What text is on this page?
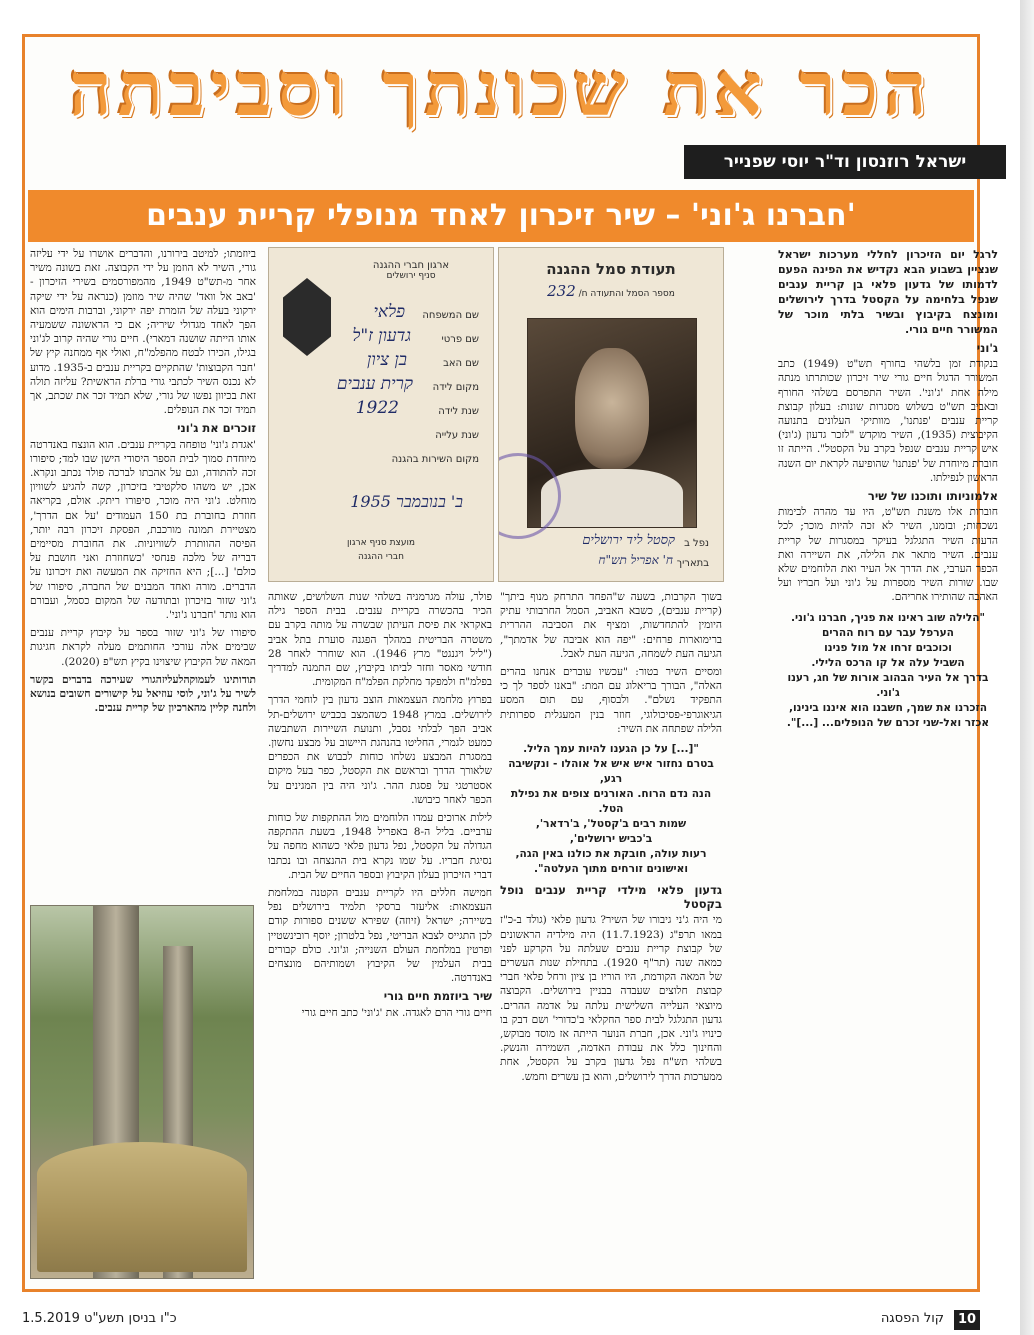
הכר את שכונתך וסביבתה
ישראל רוזנסון וד"ר יוסי שפנייר
'חברנו ג'וני' – שיר זיכרון לאחד מנופלי קריית ענבים

לרגל יום הזיכרון לחללי מערכות ישראל שנציין בשבוע הבא נקדיש את הפינה הפעם לדמותו של גדעון פלאי בן קריית ענבים שנפל בלחימה על הקסטל בדרך לירושלים ומונצח בקיבוץ ובשיר בלתי מוכר של המשורר חיים גורי.

ג'וני

בנקודת זמן בלשהי בחורף תש"ט (1949) כתב המשורר הדגול חיים גורי שיר זיכרון שכותרתו מנתה מילה אחת 'ג'וני'. השיר התפרסם בשלהי החורף ובאביב תש"ט בשלוש מסגרות שונות: בעלון קבוצת קריית ענבים 'פנתנו', מוותיקי העלונים בתנועה הקיבוצית (1935), השיר מוקדש "לזכר גדעון (ג'וני) איש קריית ענבים שנפל בקרב על הקסטל". הייתה זו חוברת מיוחדת של 'פנתנו' שהופיעה לקראת יום השנה הראשון לנפילתו.

אלמוניותו ותוכנו של שיר

חוברות אלו משנת תש"ט, היו עד מהרה לבימות נשכחות; ובזמנו, השיר לא זכה להיות מוכר; לכל הדעות השיר התגלגל בעיקר במסגרות של קריית ענבים. השיר מתאר את הלילה, את השיירה ואת הכפר הערבי, את הדרך אל העיר ואת הלוחמים שלא שבו. שורות השיר מספרות על ג'וני ועל חבריו ועל האהבה שהותירו אחריהם.

"הלילה שוב ראינו את פניך, חברנו ג'וני.
הערפל עבר עם רוח ההרים
וכוכבים זרחו אל מול פנינו
השביל עלה אל קו הרכס הלילי.
בדרך אל העיר הבהוב אורות של חג, רענו ג'וני.
הזכרנו את שמך, חשבנו הוא איננו בינינו,
אכזר ואל-שני זכרם של הנופלים... [...]".
תעודת סמל ההגנה
מספר הסמל והתעודה ח/ 232
נפל ב
בתאריך
קסטל ליד ירושלים
ח' אפריל תש"ח
ארגון חברי ההגנה
סניף ירושלים
שם המשפחה
שם פרטי
שם האב
מקום לידה
שנת לידה
שנת עלייה
מקום השירות בהגנה
פלאי
גדעון ז"ל
בן ציון
קרית ענבים
1922
ב' בנובמבר 1955
מועצת סניף ארגון
חברי ההגנה

בשוך הקרבות, בשעה ש"הפחד התרחק מנוף ביתך" (קריית ענבים), כשבא האביב, הסמל החרבותי עתיק היומין להתחדשות, ומציף את הסביבה ההררית ברימוארות פרחים: "יפה הוא אביבה של אדמתך", הגיעה העת לשמחה, הגיעה העת לאבל.

ומסיים השיר בטור: "עכשיו עוברים אנחנו בהרים האלה", הבורך בריאלוג עם המת: "באנו לספר לך כי התפקיד נשלם". ולבסוף, עם תום המסע הגיאוגרפי-פסיכולוגי, חוזר בנין המעגלית ספרותית הלילה שפתחה את השיר:

"[...] על כן הגענו להיות עמך הליל.
בטרם נחזור איש איש אל אוהלו - ונקשיבה רגע,
הנה נדם הרוח. האורנים צופים את נפילת הטל.
שמות רבים ב'קסטל', ב'רדאר',
ב'כביש ירושלים',
רעות עולה, חובקת את כולנו באין הגה,
ואישונים זורחים מתוך העלטה".
גדעון פלאי מילדי קריית ענבים נופל בקסטל

מי היה ג'ני גיבורו של השיר? גדעון פלאי (גולד ב-כ"ז במאו תרפ"ג (11.7.1923) היה מילדיה הראשונים של קבוצת קריית ענבים שעלתה על הקרקע לפני כמאה שנה (תר"ף 1920). בתחילת שנות העשרים של המאה הקודמת, היו הוריו בן ציון ורחל פלאי חברי קבוצת חלוצים שעבדה בבניין בירושלים. הקבוצה מיוצאי העלייה השלישית עלתה על אדמה ההרים. גדעון התגלגל לבית ספר החקלאי ב'כדורי' ושם דבק בו כינויו ג'וני. אכן, חברת הנוער הייתה אז מוסד מבוקש, והחינוך כלל את עבודת האדמה, השמירה והנשק. בשלהי תש"ח נפל גדעון בקרב על הקסטל, אחת ממערכות הדרך לירושלים, והוא בן עשרים וחמש.

פולר, עולה מגרמניה בשלהי שנות השלושים, שאותה הכיר בהכשרה בקריית ענבים. בבית הספר גילה באקראי את פיסת העיתון שבשרה על מותה בקרב עם משטרה הבריטית במהלך הפגנה סוערת בתל אביב ("ליל ויגנגט" מרץ 1946). הוא שוחרר לאחר 28 חודשי מאסר וחזר לביתו בקיבוץ, שם התמנה למדריך בפלמ"ח ולמפקד מחלקת הפלמ"ח המקומית.

בפרוץ מלחמת העצמאות הוצב גדעון בין לוחמי הדרך לירושלים. במרץ 1948 כשהמצב בכביש ירושלים-תל אביב הפך לבלתי נסבל, ותנועת השיירות השתבשה כמעט לגמרי, החליטו בהנהגת היישוב על מבצע נחשון. במסגרת המבצע נשלחו כוחות לכבוש את הכפרים שלאורך הדרך ובראשם את הקסטל, כפר בעל מיקום אסטרטגי על פסגת ההר. ג'וני היה בין המגינים על הכפר לאחר כיבושו.

לילות ארוכים עמדו הלוחמים מול ההתקפות של כוחות ערביים. בליל ה-8 באפריל 1948, בשעת ההתקפה הגדולה על הקסטל, נפל גדעון פלאי כשהוא מחפה על נסיגת חבריו. על שמו נקרא בית ההנצחה ובו נכתבו דברי הזיכרון בעלון הקיבוץ ובספר החיים של הבית.

חמישה חללים היו לקריית ענבים הקטנה במלחמת העצמאות: אליעזר ברסקי תלמיד בירושלים נפל בשיירה; ישראל (זיוזה) שפירא ששנים ספורות קודם לכן התגייס לצבא הבריטי, נפל בלטרון; יוסף רובינשטיין ופרטין במלחמת העולם השנייה; וג'וני. כולם קבורים בבית העלמין של הקיבוץ ושמותיהם מונצחים באנדרטה.

שיר ביוזמת חיים גורי

חיים גורי הרם לאגדה. את 'ג'וני' כתב חיים גורי

ביוזמתו; למיטב בירורנו, והדברים אושרו על ידי עליזה גורי, השיר לא הוזמן על ידי הקבוצה. זאת בשונה משיר אחר מ-תש"ט 1949, מהמפורסמים בשירי הזיכרון - 'באב אל וואד' שהיה שיר מוזמן (כנראה על ידי שיקה ירקוני בעלה של הזמרת יפה ירקוני, וברבות הימים הוא הפך לאחד מגדולי שיריה; אם כי הראשונה ששמעיה אותו הייתה שושנה דמארי). חיים גורי שהיה קרוב לג'וני בגילו, הכירו לבטח מהפלמ"ח, ואולי אף ממחנה קיץ של 'חבר הקבוצות' שהתקיים בקריית ענבים ב-1935. מדוע לא נכנס השיר לכתבי גורי ברלת הראשית? עליזה תולה זאת בכיוון נפשו של גורי, שלא תמיד זכר את שכתב, אך תמיד זכר את הנופלים.

זוכרים את ג'וני

'אגדת ג'וני' טופחה בקריית ענבים. הוא הונצח באנדרטה מיוחדת סמוך לבית הספר היסודי הישן שבו למד; סיפורו זכה להתודה, וגם על אהבתו לברכה פולר נכתב ונקרא. אכן, יש משהו סלקטיבי בזיכרון, קשה להגיע לשוויון מוחלט. ג'וני היה מוכר, סיפורו ריתק. אולם, בקריאה חוזרת בחוברת בת 150 העמודים 'על אם הדרך', מצטיירת תמונה מורכבת, הפסקת זיכרון רבה יותר, הפיסה ההוותרת לשוויוניות. את החוברת מסיימים דבריה של מלכה פנחסי 'כשחוזרת ואני חושבת על כולם' [...]; היא החזיקה את המעשה ואת זיכרונו על הדברים. מורה ואחד המבנים של החברה, סיפורו של ג'וני שזור בזיכרון ובתודעה של המקום כסמל, ועבורם הוא נותר 'חברנו ג'וני'.

סיפורו של ג'וני שזור בספר על קיבוץ קריית ענבים שבימים אלה עורכי החותמים מעלה לקראת חגיגות המאה של הקיבוץ שיצוינו בקיץ תש"פ (2020).

תודותינו לעמוקהלעליזהגורי שעירכה בדברים בקשר לשיר על ג'וני, לוסי עוזיאל על קישורים חשובים בנושא ולחנה קליין מהארכיון של קריית ענבים.

10
קול הפסגה
כ"ו בניסן תשע"ט 1.5.2019
